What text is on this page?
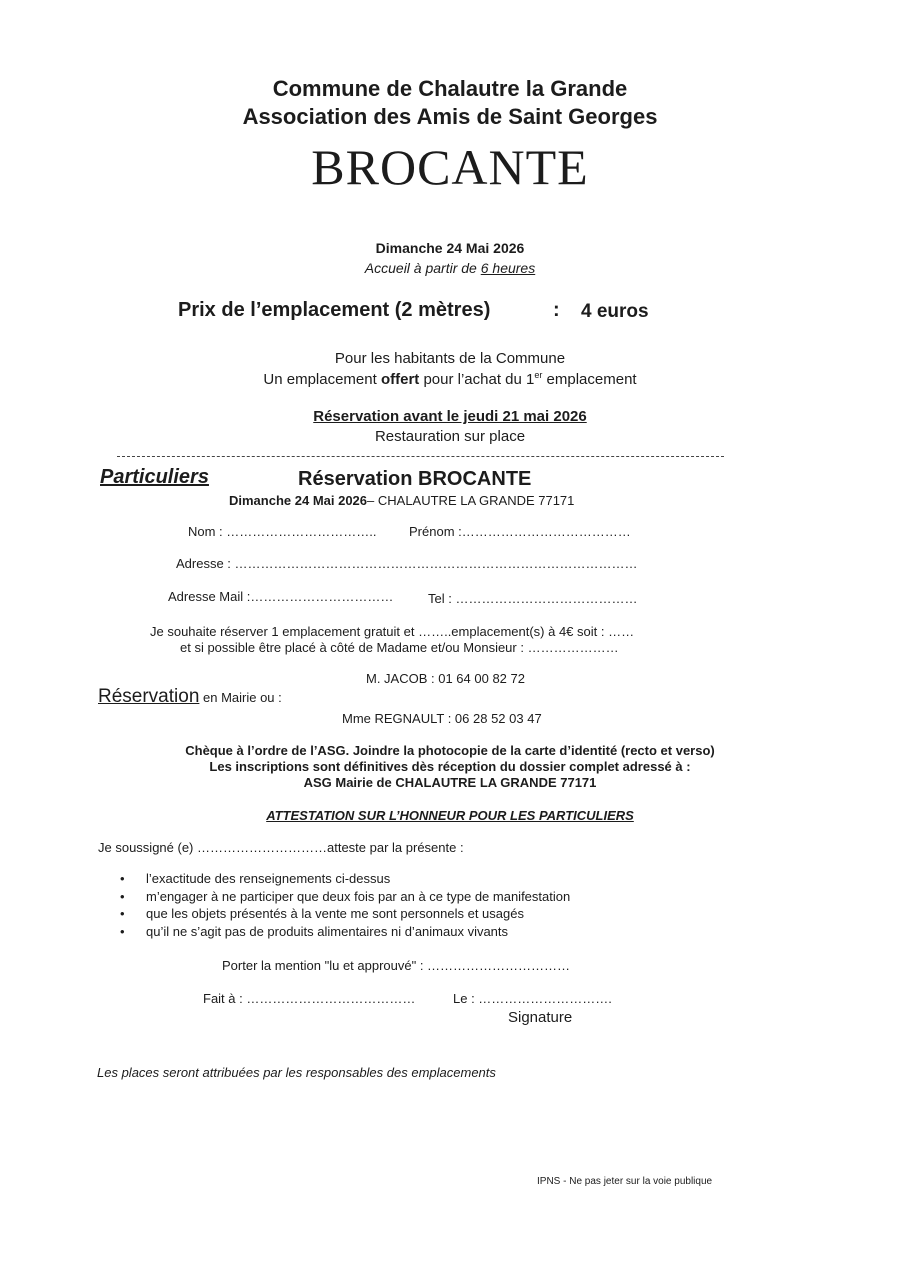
Commune de Chalautre la Grande
Association des Amis de Saint Georges
BROCANTE
Dimanche 24 Mai 2026
Accueil à partir de 6 heures
Prix de l’emplacement (2 mètres)	: 4 euros
Pour les habitants de la Commune
Un emplacement offert pour l’achat du 1er emplacement
Réservation avant le jeudi 21 mai 2026
Restauration sur place
Particuliers	Réservation BROCANTE
Dimanche 24 Mai 2026– CHALAUTRE LA GRANDE 77171
Nom : …………………………….. Prénom :…………………………………
Adresse : …………………………………………………………………………………
Adresse Mail :……………………………	Tel : ……………………………………
Je souhaite réserver 1 emplacement gratuit et ……..emplacement(s) à 4€ soit : ……
et si possible être placé à côté de Madame et/ou Monsieur : …………………
M. JACOB : 01 64 00 82 72
Réservation en Mairie ou :
Mme REGNAULT : 06 28 52 03 47
Chèque à l’ordre de l’ASG. Joindre la photocopie de la carte d’identité (recto et verso)
Les inscriptions sont définitives dès réception du dossier complet adressé à :
ASG Mairie de CHALAUTRE LA GRANDE 77171
ATTESTATION SUR L’HONNEUR POUR LES PARTICULIERS
Je soussigné (e) …………………………atteste par la présente :
• l’exactitude des renseignements ci-dessus
• m’engager à ne participer que deux fois par an à ce type de manifestation
• que les objets présentés à la vente me sont personnels et usagés
• qu’il ne s’agit pas de produits alimentaires ni d’animaux vivants
Porter la mention "lu et approuvé" : ……………………………
Fait à : …………………………………	Le : ………………………….
Signature
Les places seront attribuées par les responsables des emplacements
IPNS - Ne pas jeter sur la voie publique
